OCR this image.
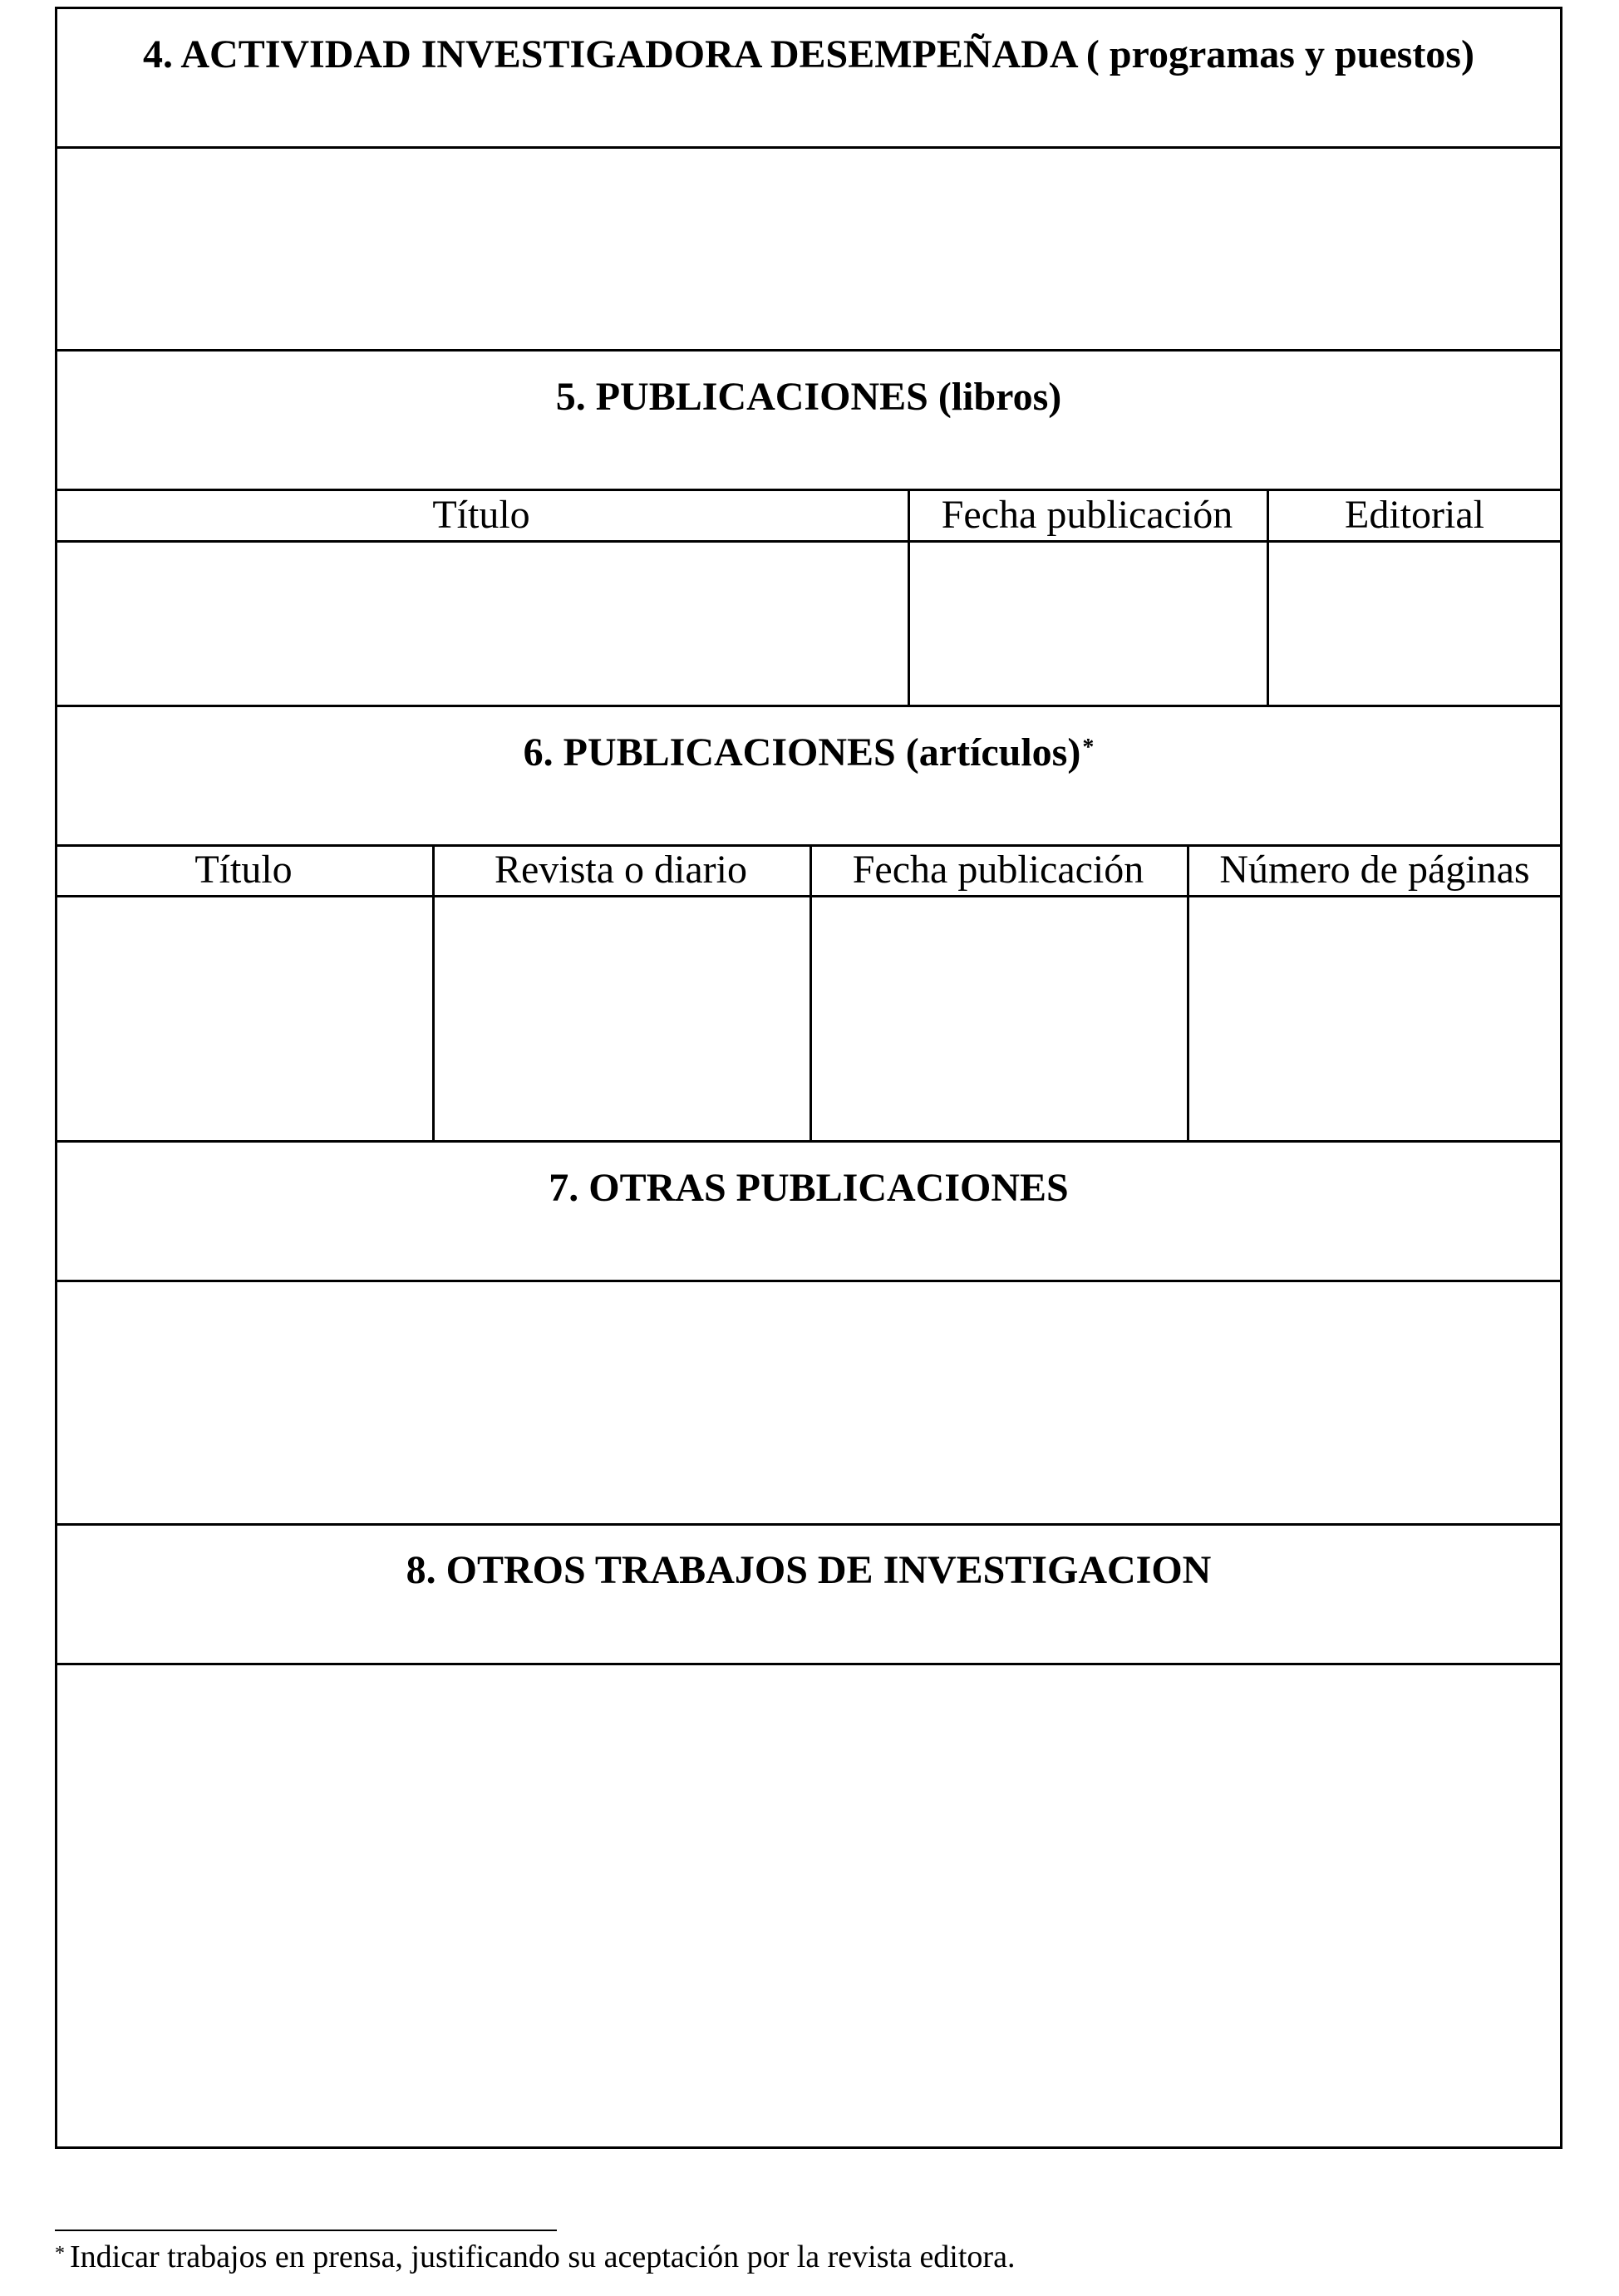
4. ACTIVIDAD INVESTIGADORA DESEMPEÑADA ( programas y puestos)
5. PUBLICACIONES (libros)
Título	Fecha publicación	Editorial
6. PUBLICACIONES (artículos)*
Título	Revista o diario	Fecha publicación	Número de páginas
7. OTRAS PUBLICACIONES
8. OTROS TRABAJOS DE INVESTIGACION
* Indicar trabajos en prensa, justificando su aceptación por la revista editora.
